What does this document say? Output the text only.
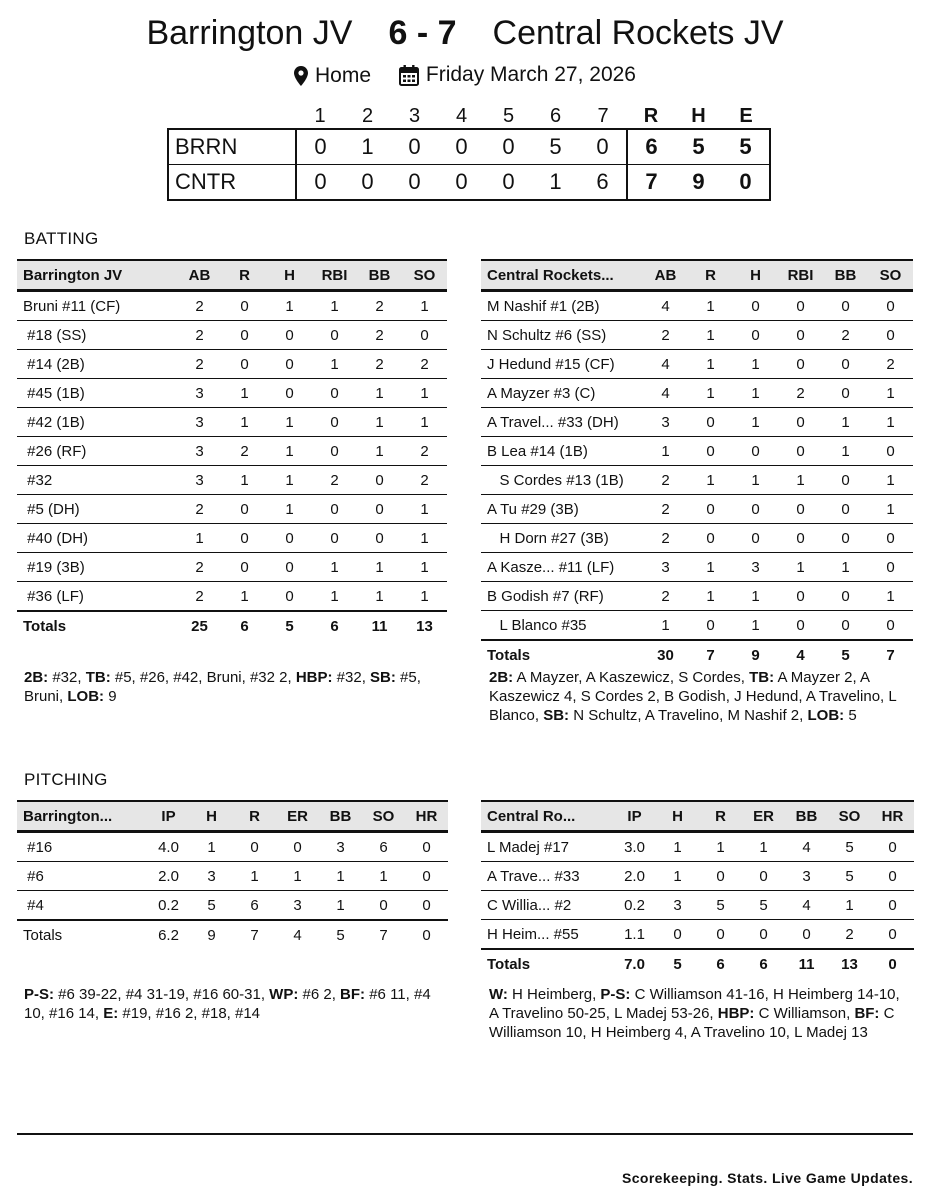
Barrington JV 6 - 7 Central Rockets JV
Home
	Friday March 27, 2026
	1	2	3	4	5	6	7	R	H	E
BRRN	0	1	0	0	0	5	0	6	5	5
CNTR	0	0	0	0	0	1	6	7	9	0
BATTING
Barrington JV	AB	R	H	RBI	BB	SO
Bruni #11 (CF)	2	0	1	1	2	1
#18 (SS)	2	0	0	0	2	0
#14 (2B)	2	0	0	1	2	2
#45 (1B)	3	1	0	0	1	1
#42 (1B)	3	1	1	0	1	1
#26 (RF)	3	2	1	0	1	2
#32	3	1	1	2	0	2
#5 (DH)	2	0	1	0	0	1
#40 (DH)	1	0	0	0	0	1
#19 (3B)	2	0	0	1	1	1
#36 (LF)	2	1	0	1	1	1
Totals	25	6	5	6	11	13
Central Rockets...	AB	R	H	RBI	BB	SO
M Nashif #1 (2B)	4	1	0	0	0	0
N Schultz #6 (SS)	2	1	0	0	2	0
J Hedund #15 (CF)	4	1	1	0	0	2
A Mayzer #3 (C)	4	1	1	2	0	1
A Travel... #33 (DH)	3	0	1	0	1	1
B Lea #14 (1B)	1	0	0	0	1	0
S Cordes #13 (1B)	2	1	1	1	0	1
A Tu #29 (3B)	2	0	0	0	0	1
H Dorn #27 (3B)	2	0	0	0	0	0
A Kasze... #11 (LF)	3	1	3	1	1	0
B Godish #7 (RF)	2	1	1	0	0	1
L Blanco #35	1	0	1	0	0	0
Totals	30	7	9	4	5	7
2B: #32, TB: #5, #26, #42, Bruni, #32 2, HBP: #32, SB: #5, Bruni, LOB: 9
2B: A Mayzer, A Kaszewicz, S Cordes, TB: A Mayzer 2, A Kaszewicz 4, S Cordes 2, B Godish, J Hedund, A Travelino, L Blanco, SB: N Schultz, A Travelino, M Nashif 2, LOB: 5
PITCHING
Barrington...	IP	H	R	ER	BB	SO	HR
#16	4.0	1	0	0	3	6	0
#6	2.0	3	1	1	1	1	0
#4	0.2	5	6	3	1	0	0
Totals	6.2	9	7	4	5	7	0
Central Ro...	IP	H	R	ER	BB	SO	HR
L Madej #17	3.0	1	1	1	4	5	0
A Trave... #33	2.0	1	0	0	3	5	0
C Willia... #2	0.2	3	5	5	4	1	0
H Heim... #55	1.1	0	0	0	0	2	0
Totals	7.0	5	6	6	11	13	0
P-S: #6 39-22, #4 31-19, #16 60-31, WP: #6 2, BF: #6 11, #4 10, #16 14, E: #19, #16 2, #18, #14
W: H Heimberg, P-S: C Williamson 41-16, H Heimberg 14-10, A Travelino 50-25, L Madej 53-26, HBP: C Williamson, BF: C Williamson 10, H Heimberg 4, A Travelino 10, L Madej 13
Scorekeeping. Stats. Live Game Updates.
